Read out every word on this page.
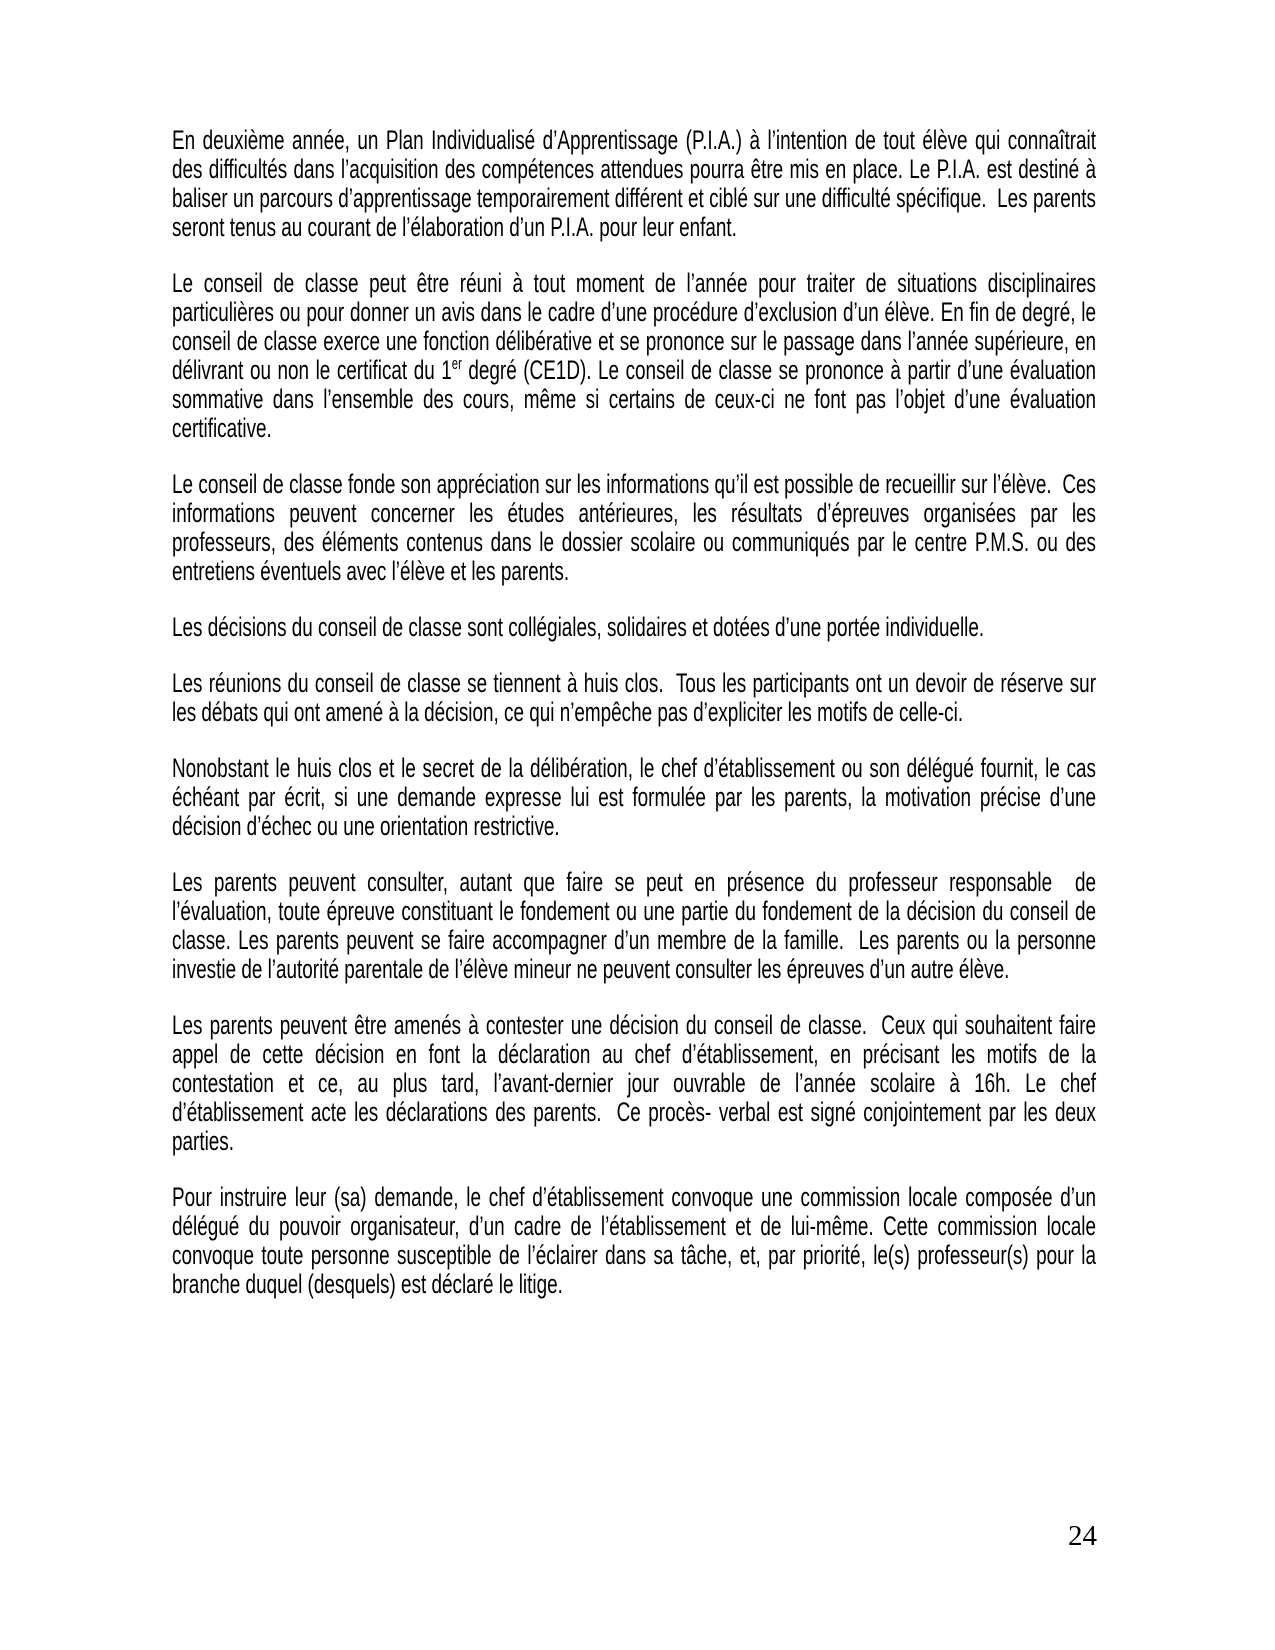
En deuxième année, un Plan Individualisé d’Apprentissage (P.I.A.) à l’intention de tout élève qui connaîtrait des difficultés dans l’acquisition des compétences attendues pourra être mis en place. Le P.I.A. est destiné à baliser un parcours d’apprentissage temporairement différent et ciblé sur une difficulté spécifique.  Les parents seront tenus au courant de l’élaboration d’un P.I.A. pour leur enfant.

Le conseil de classe peut être réuni à tout moment de l’année pour traiter de situations disciplinaires particulières ou pour donner un avis dans le cadre d’une procédure d’exclusion d’un élève. En fin de degré, le conseil de classe exerce une fonction délibérative et se prononce sur le passage dans l’année supérieure, en délivrant ou non le certificat du 1er degré (CE1D). Le conseil de classe se prononce à partir d’une évaluation sommative dans l’ensemble des cours, même si certains de ceux-ci ne font pas l’objet d’une évaluation certificative.

Le conseil de classe fonde son appréciation sur les informations qu’il est possible de recueillir sur l’élève.  Ces informations peuvent concerner les études antérieures, les résultats d’épreuves organisées par les professeurs, des éléments contenus dans le dossier scolaire ou communiqués par le centre P.M.S. ou des entretiens éventuels avec l’élève et les parents.

Les décisions du conseil de classe sont collégiales, solidaires et dotées d’une portée individuelle.

Les réunions du conseil de classe se tiennent à huis clos.  Tous les participants ont un devoir de réserve sur les débats qui ont amené à la décision, ce qui n’empêche pas d’expliciter les motifs de celle-ci.

Nonobstant le huis clos et le secret de la délibération, le chef d’établissement ou son délégué fournit, le cas échéant par écrit, si une demande expresse lui est formulée par les parents, la motivation précise d’une décision d’échec ou une orientation restrictive.

Les parents peuvent consulter, autant que faire se peut en présence du professeur responsable  de l’évaluation, toute épreuve constituant le fondement ou une partie du fondement de la décision du conseil de classe. Les parents peuvent se faire accompagner d’un membre de la famille.  Les parents ou la personne investie de l’autorité parentale de l’élève mineur ne peuvent consulter les épreuves d’un autre élève.

Les parents peuvent être amenés à contester une décision du conseil de classe.  Ceux qui souhaitent faire appel de cette décision en font la déclaration au chef d’établissement, en précisant les motifs de la contestation et ce, au plus tard, l’avant-dernier jour ouvrable de l’année scolaire à 16h. Le chef d’établissement acte les déclarations des parents.  Ce procès- verbal est signé conjointement par les deux parties.

Pour instruire leur (sa) demande, le chef d’établissement convoque une commission locale composée d’un délégué du pouvoir organisateur, d’un cadre de l’établissement et de lui-même. Cette commission locale convoque toute personne susceptible de l’éclairer dans sa tâche, et, par priorité, le(s) professeur(s) pour la branche duquel (desquels) est déclaré le litige.

24
